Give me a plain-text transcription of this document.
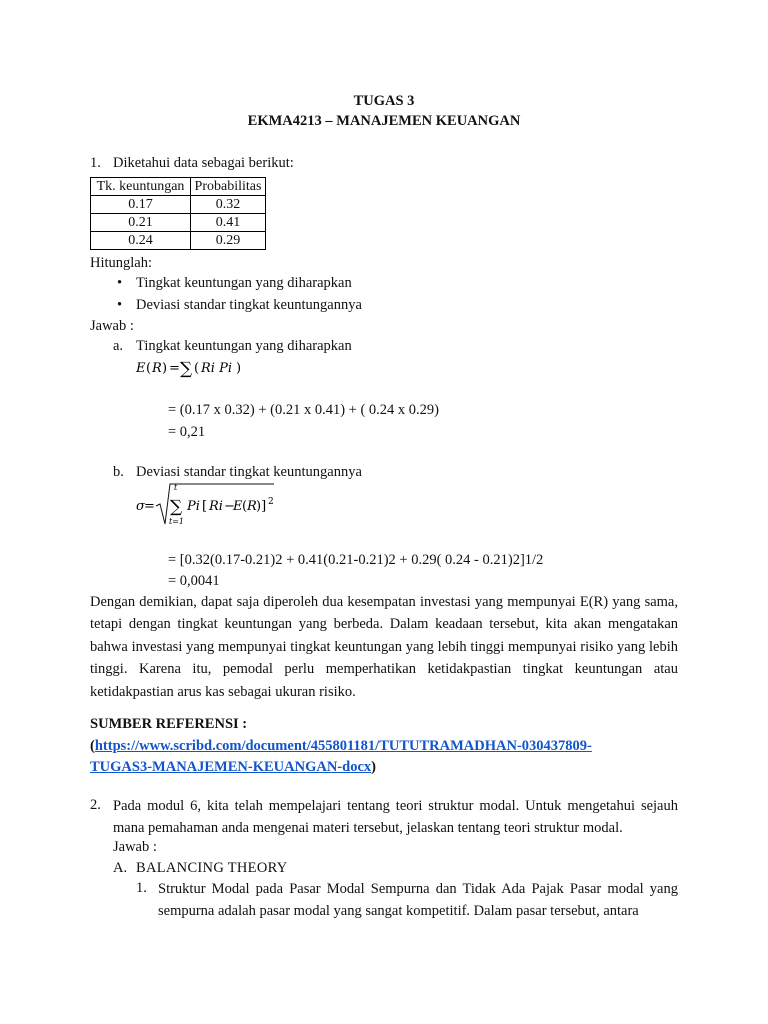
TUGAS 3
EKMA4213 – MANAJEMEN KEUANGAN
1. Diketahui data sebagai berikut:
Tk. keuntungan	Probabilitas
0.17	0.32
0.21	0.41
0.24	0.29
Hitunglah:
• Tingkat keuntungan yang diharapkan
• Deviasi standar tingkat keuntungannya
Jawab :
a. Tingkat keuntungan yang diharapkan
E ( R ) = ∑ ( Ri Pi )
= (0.17 x 0.32) + (0.21 x 0.41) + ( 0.24 x 0.29)
= 0,21
b. Deviasi standar tingkat keuntungannya
σ =
t
∑
t=1
Pi [ Ri −
E ( R )] 2
= [0.32(0.17-0.21)2 + 0.41(0.21-0.21)2 + 0.29( 0.24 - 0.21)2]1/2
= 0,0041
Dengan demikian, dapat saja diperoleh dua kesempatan investasi yang mempunyai E(R) yang sama, tetapi dengan tingkat keuntungan yang berbeda. Dalam keadaan tersebut, kita akan mengatakan bahwa investasi yang mempunyai tingkat keuntungan yang lebih tinggi mempunyai risiko yang lebih tinggi. Karena itu, pemodal perlu memperhatikan ketidakpastian tingkat keuntungan atau ketidakpastian arus kas sebagai ukuran risiko.
SUMBER REFERENSI :
(https://www.scribd.com/document/455801181/TUTUTRAMADHAN-030437809-
TUGAS3-MANAJEMEN-KEUANGAN-docx)
2. Pada modul 6, kita telah mempelajari tentang teori struktur modal. Untuk mengetahui sejauh mana pemahaman anda mengenai materi tersebut, jelaskan tentang teori struktur modal.
Jawab :
A. BALANCING THEORY
1. Struktur Modal pada Pasar Modal Sempurna dan Tidak Ada Pajak Pasar modal yang sempurna adalah pasar modal yang sangat kompetitif. Dalam pasar tersebut, antara
